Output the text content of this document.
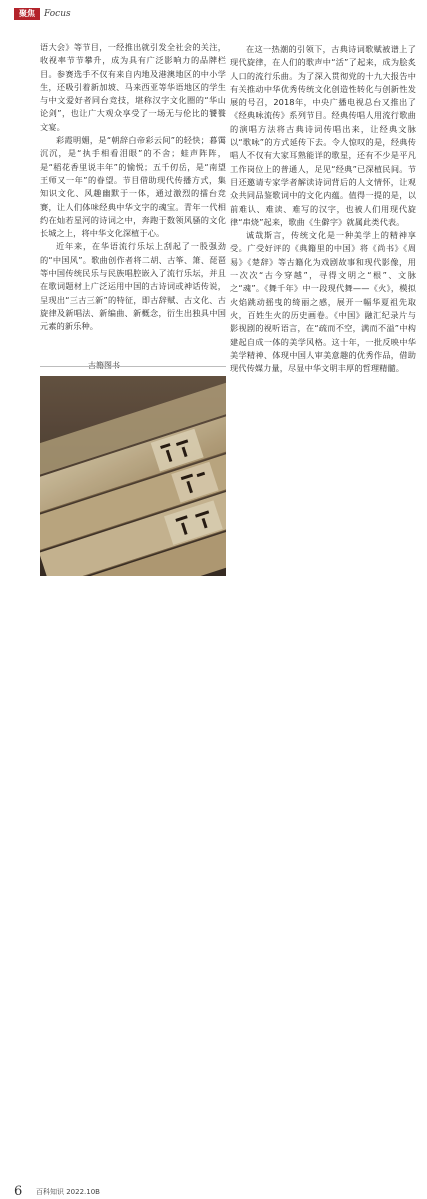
聚焦	Focus

语大会》等节目，一经推出就引发全社会的关注，收视率节节攀升，成为具有广泛影响力的品牌栏目。参赛选手不仅有来自内地及港澳地区的中小学生，还吸引着新加坡、马来西亚等华语地区的学生与中文爱好者同台竞技，堪称汉字文化圈的“华山论剑”，也让广大观众享受了一场无与伦比的饕餮文宴。

彩霞明媚，是“朝辞白帝彩云间”的轻快；暮霭沉沉，是“执手相看泪眼”的不舍；蛙声阵阵，是“稻花香里说丰年”的愉悦；五千仞岳，是“南望王师又一年”的眷望。节目借助现代传播方式，集知识文化、风趣幽默于一体，通过激烈的擂台竞赛，让人们体味经典中华文字的魂宝。青年一代相约在灿若星河的诗词之中，奔跑于数领风骚的文化长城之上，将中华文化深植于心。

近年来，在华语流行乐坛上刮起了一股强劲的“中国风”。歌曲创作者将二胡、古筝、箫、琵琶等中国传统民乐与民族唱腔嵌入了流行乐坛，并且在歌词题材上广泛运用中国的古诗词或神话传说，呈现出“三古三新”的特征，即古辞赋、古文化、古旋律及新唱法、新编曲、新概念，衍生出独具中国元素的新乐种。

在这一热潮的引领下，古典诗词歌赋被谱上了现代旋律，在人们的歌声中“活”了起来，成为脍炙人口的流行乐曲。为了深入贯彻党的十九大报告中有关推动中华优秀传统文化创造性转化与创新性发展的号召，2018年，中央广播电视总台又推出了《经典咏流传》系列节目。经典传唱人用流行歌曲的演唱方法将古典诗词传唱出来，让经典文脉以“歌咏”的方式延传下去。令人惊叹的是，经典传唱人不仅有大家耳熟能详的歌星，还有不少是平凡工作岗位上的普通人，足见“经典”已深植民间。节目还邀请专家学者解读诗词背后的人文情怀，让观众共同品鉴歌词中的文化内蕴。值得一提的是，以前难认、难读、难写的汉字，也被人们用现代旋律“串烧”起来，歌曲《生僻字》就属此类代表。

诚哉斯言，传统文化是一种美学上的精神享受。广受好评的《典籍里的中国》将《尚书》《周易》《楚辞》等古籍化为戏剧故事和现代影像，用一次次“古今穿越”，寻得文明之“根”、文脉之“魂”。《舞千年》中一段现代舞——《火》，模拟火焰跳动摇曳的绮丽之感，展开一幅华夏祖先取火，百姓生火的历史画卷。《中国》融汇纪录片与影视剧的视听语言，在“疏而不空，满而不溢”中构建起自成一体的美学风格。这十年，一批反映中华美学精神、体现中国人审美意趣的优秀作品，借助现代传媒力量，尽显中华文明丰厚的哲理精髓。

6 百科知识 2022.10B
